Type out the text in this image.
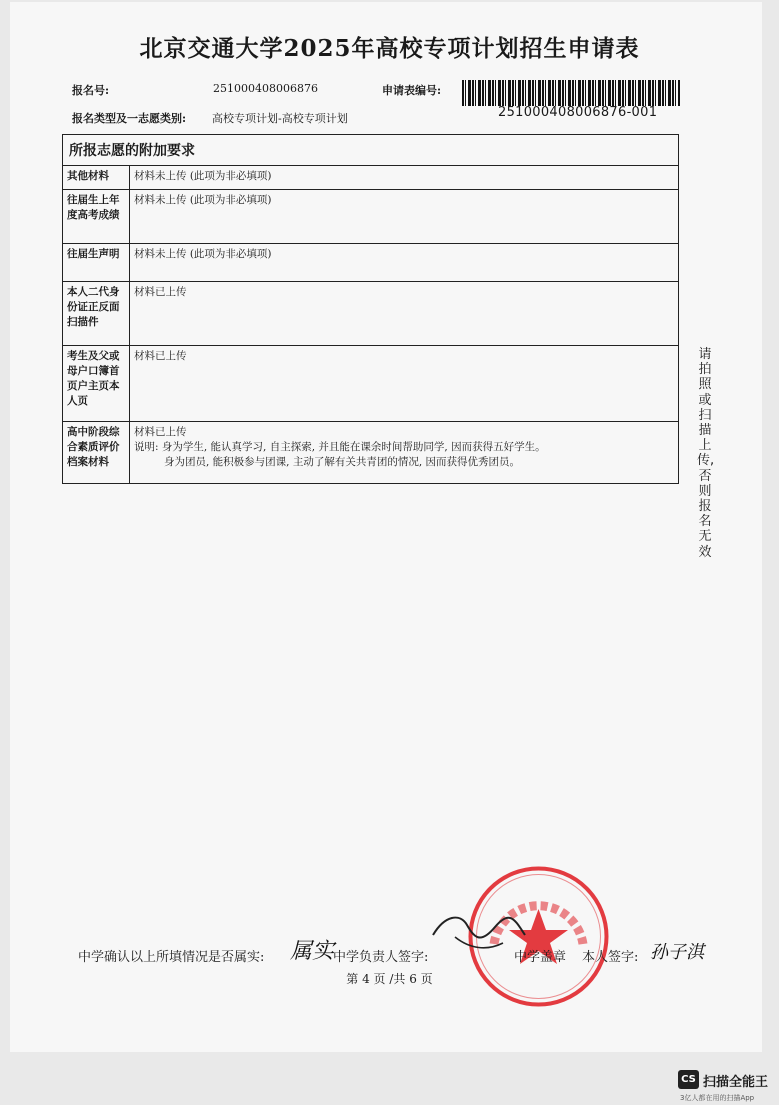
北京交通大学2025年高校专项计划招生申请表
报名号:	251000408006876	申请表编号:
251000408006876-001
报名类型及一志愿类别: 高校专项计划-高校专项计划
所报志愿的附加要求	
其他材料	材料未上传 (此项为非必填项)
往届生上年度高考成绩	材料未上传 (此项为非必填项)
往届生声明	材料未上传 (此项为非必填项)
本人二代身份证正反面扫描件	材料已上传
考生及父或母户口簿首页户主页本人页	材料已上传
高中阶段综合素质评价档案材料	材料已上传
说明: 身为学生, 能认真学习, 自主探索, 并且能在课余时间帮助同学, 因而获得五好学生。
身为团员, 能积极参与团课, 主动了解有关共青团的情况, 因而获得优秀团员。
请拍照或扫描上传,否则报名无效
中学确认以上所填情况是否属实: 属实
中学负责人签字:	中学盖章 本人签字: 孙子淇
第 4 页 /共 6 页
CS 扫描全能王
3亿人都在用的扫描App
